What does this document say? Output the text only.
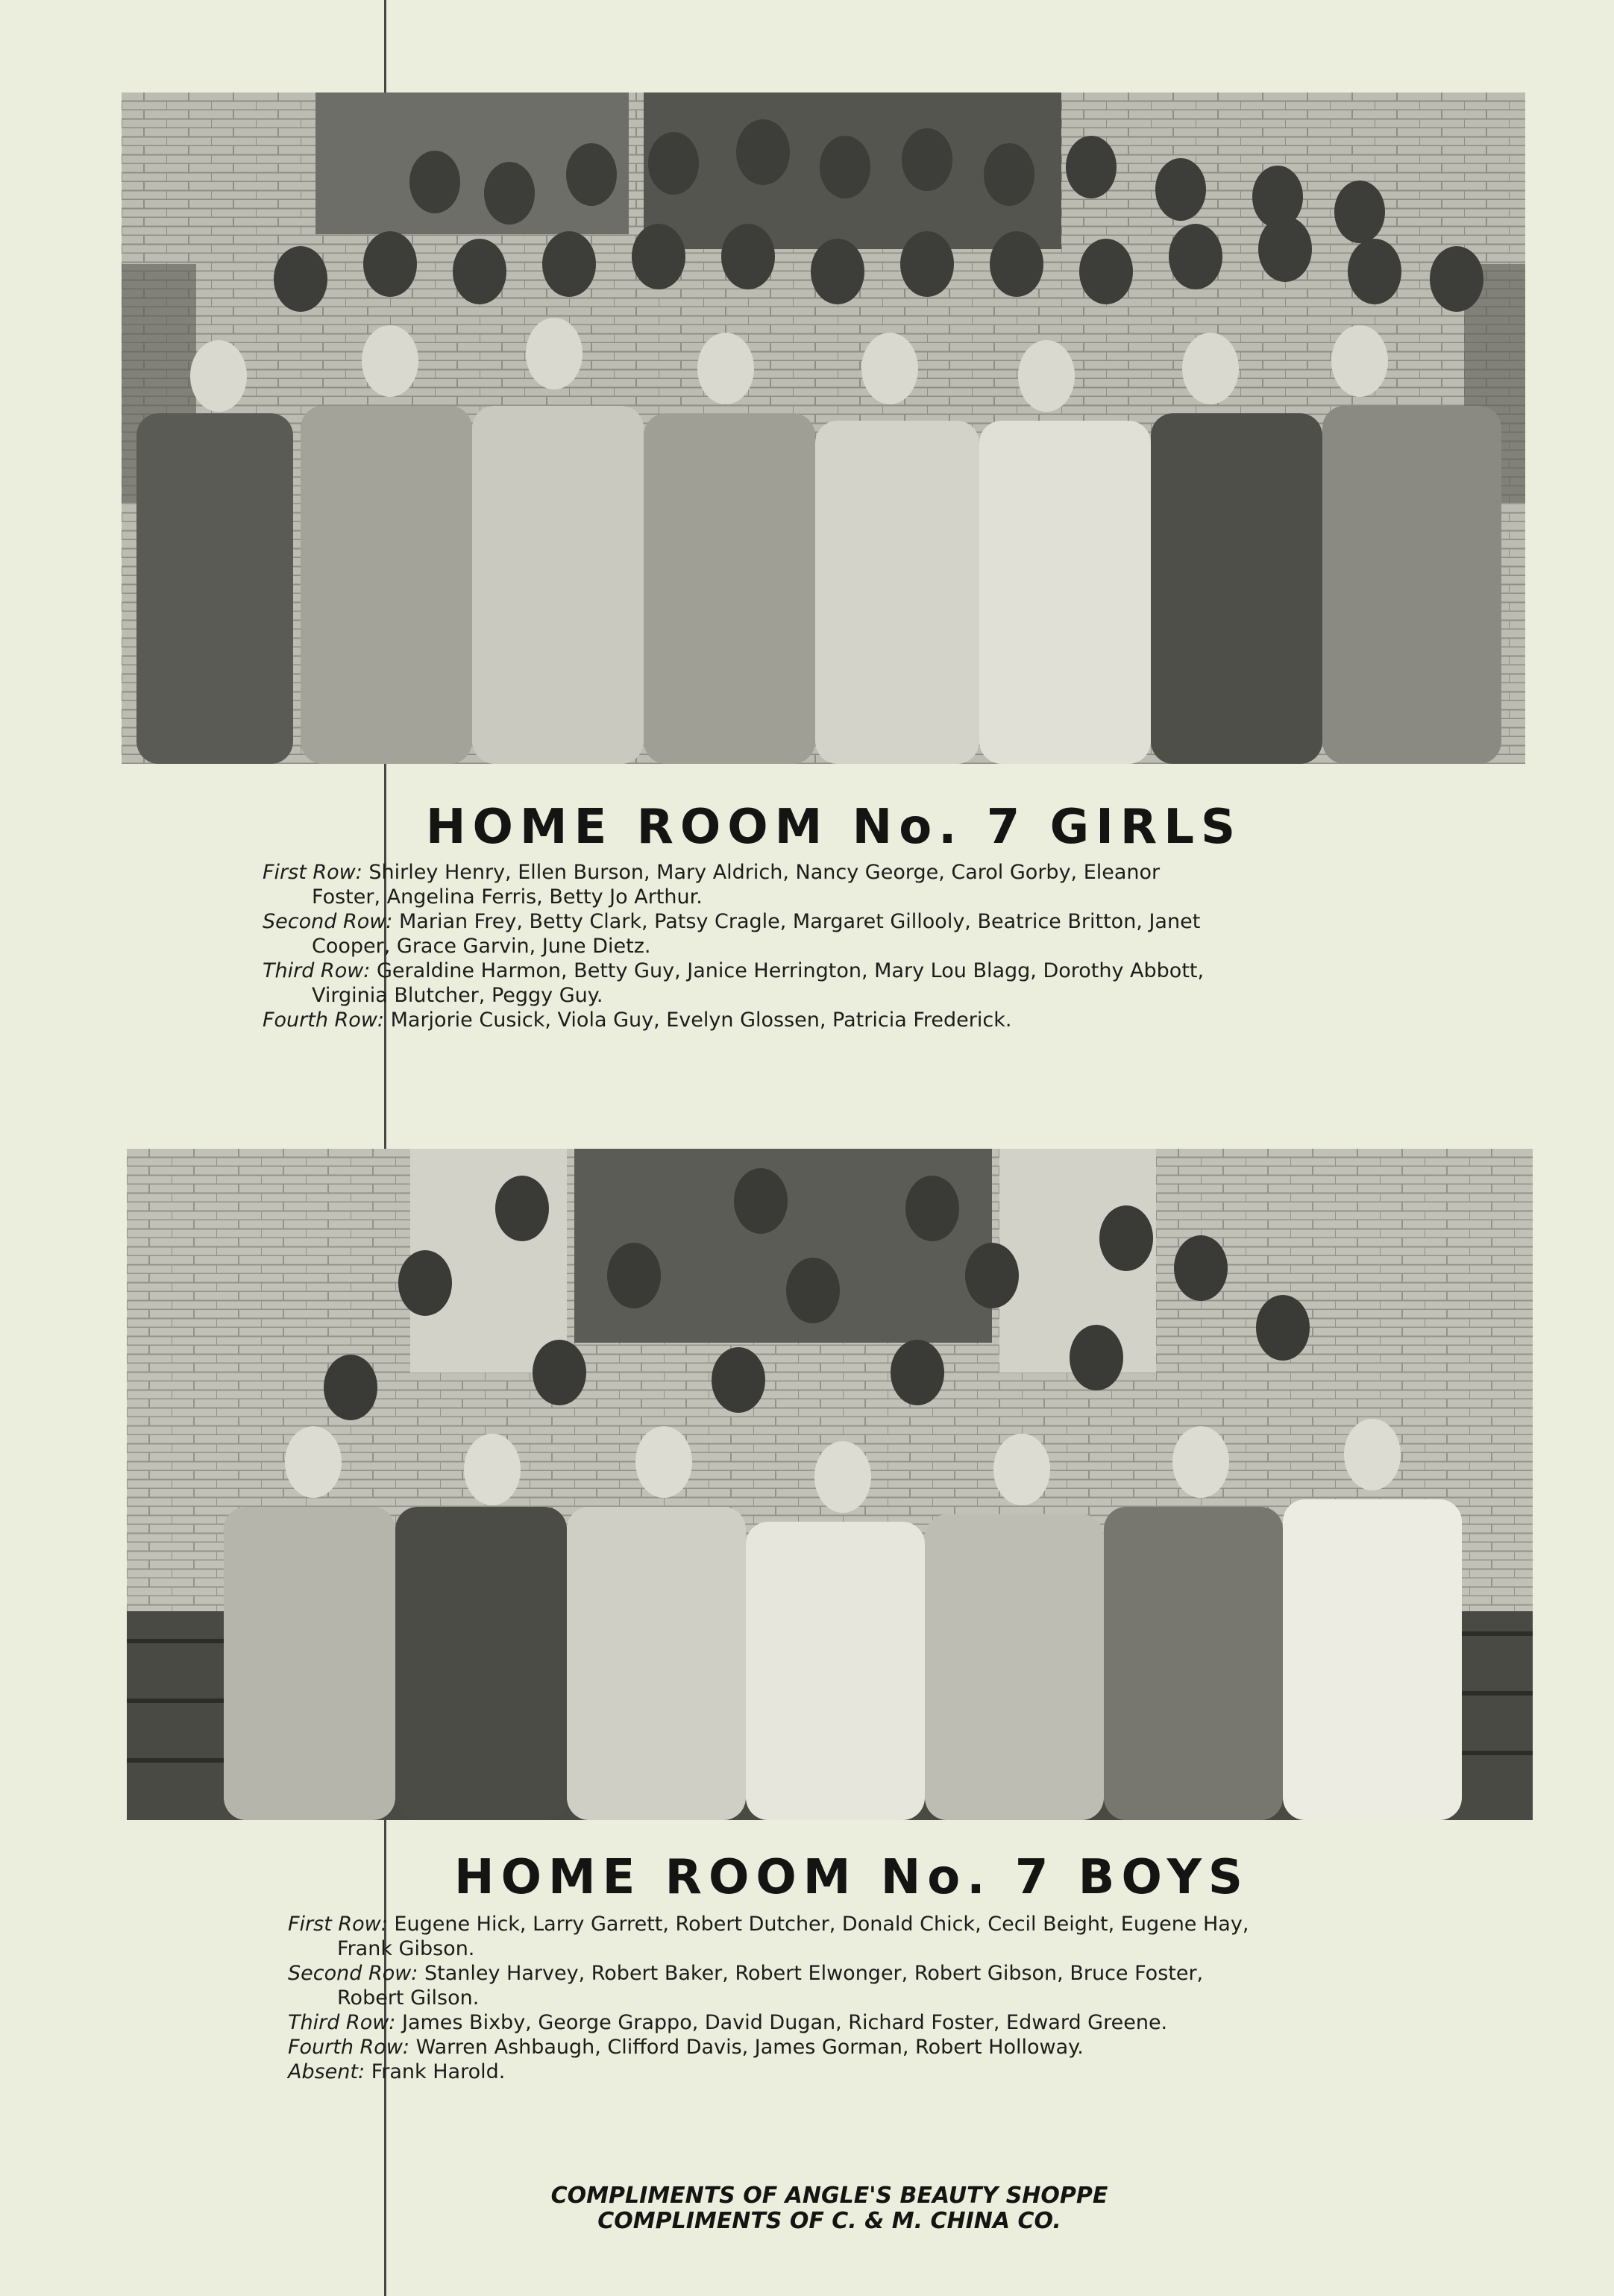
HOME ROOM No. 7 GIRLS

First Row: Shirley Henry, Ellen Burson, Mary Aldrich, Nancy George, Carol Gorby, Eleanor
Foster, Angelina Ferris, Betty Jo Arthur.

Second Row: Marian Frey, Betty Clark, Patsy Cragle, Margaret Gillooly, Beatrice Britton, Janet
Cooper, Grace Garvin, June Dietz.

Third Row: Geraldine Harmon, Betty Guy, Janice Herrington, Mary Lou Blagg, Dorothy Abbott,
Virginia Blutcher, Peggy Guy.

Fourth Row: Marjorie Cusick, Viola Guy, Evelyn Glossen, Patricia Frederick.

HOME ROOM No. 7 BOYS

First Row: Eugene Hick, Larry Garrett, Robert Dutcher, Donald Chick, Cecil Beight, Eugene Hay,
Frank Gibson.

Second Row: Stanley Harvey, Robert Baker, Robert Elwonger, Robert Gibson, Bruce Foster,
Robert Gilson.

Third Row: James Bixby, George Grappo, David Dugan, Richard Foster, Edward Greene.

Fourth Row: Warren Ashbaugh, Clifford Davis, James Gorman, Robert Holloway.

Absent: Frank Harold.

COMPLIMENTS OF ANGLE'S BEAUTY SHOPPE
COMPLIMENTS OF C. & M. CHINA CO.
